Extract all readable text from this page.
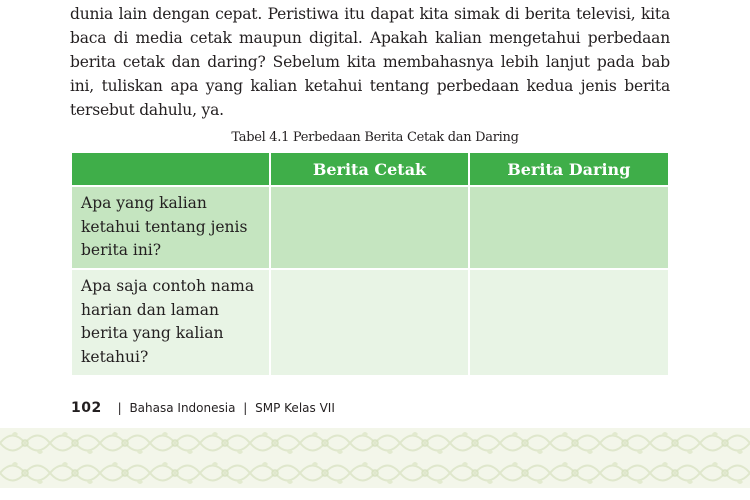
dunia lain dengan cepat. Peristiwa itu dapat kita simak di berita televisi, kita
baca di media cetak maupun digital. Apakah kalian mengetahui perbedaan
berita cetak dan daring? Sebelum kita membahasnya lebih lanjut pada bab
ini, tuliskan apa yang kalian ketahui tentang perbedaan kedua jenis berita
tersebut dahulu, ya.
Tabel 4.1 Perbedaan Berita Cetak dan Daring
	Berita Cetak	Berita Daring
Apa yang kalian ketahui tentang jenis berita ini?		
Apa saja contoh nama harian dan laman berita yang kalian ketahui?		
102 | Bahasa Indonesia | SMP Kelas VII
